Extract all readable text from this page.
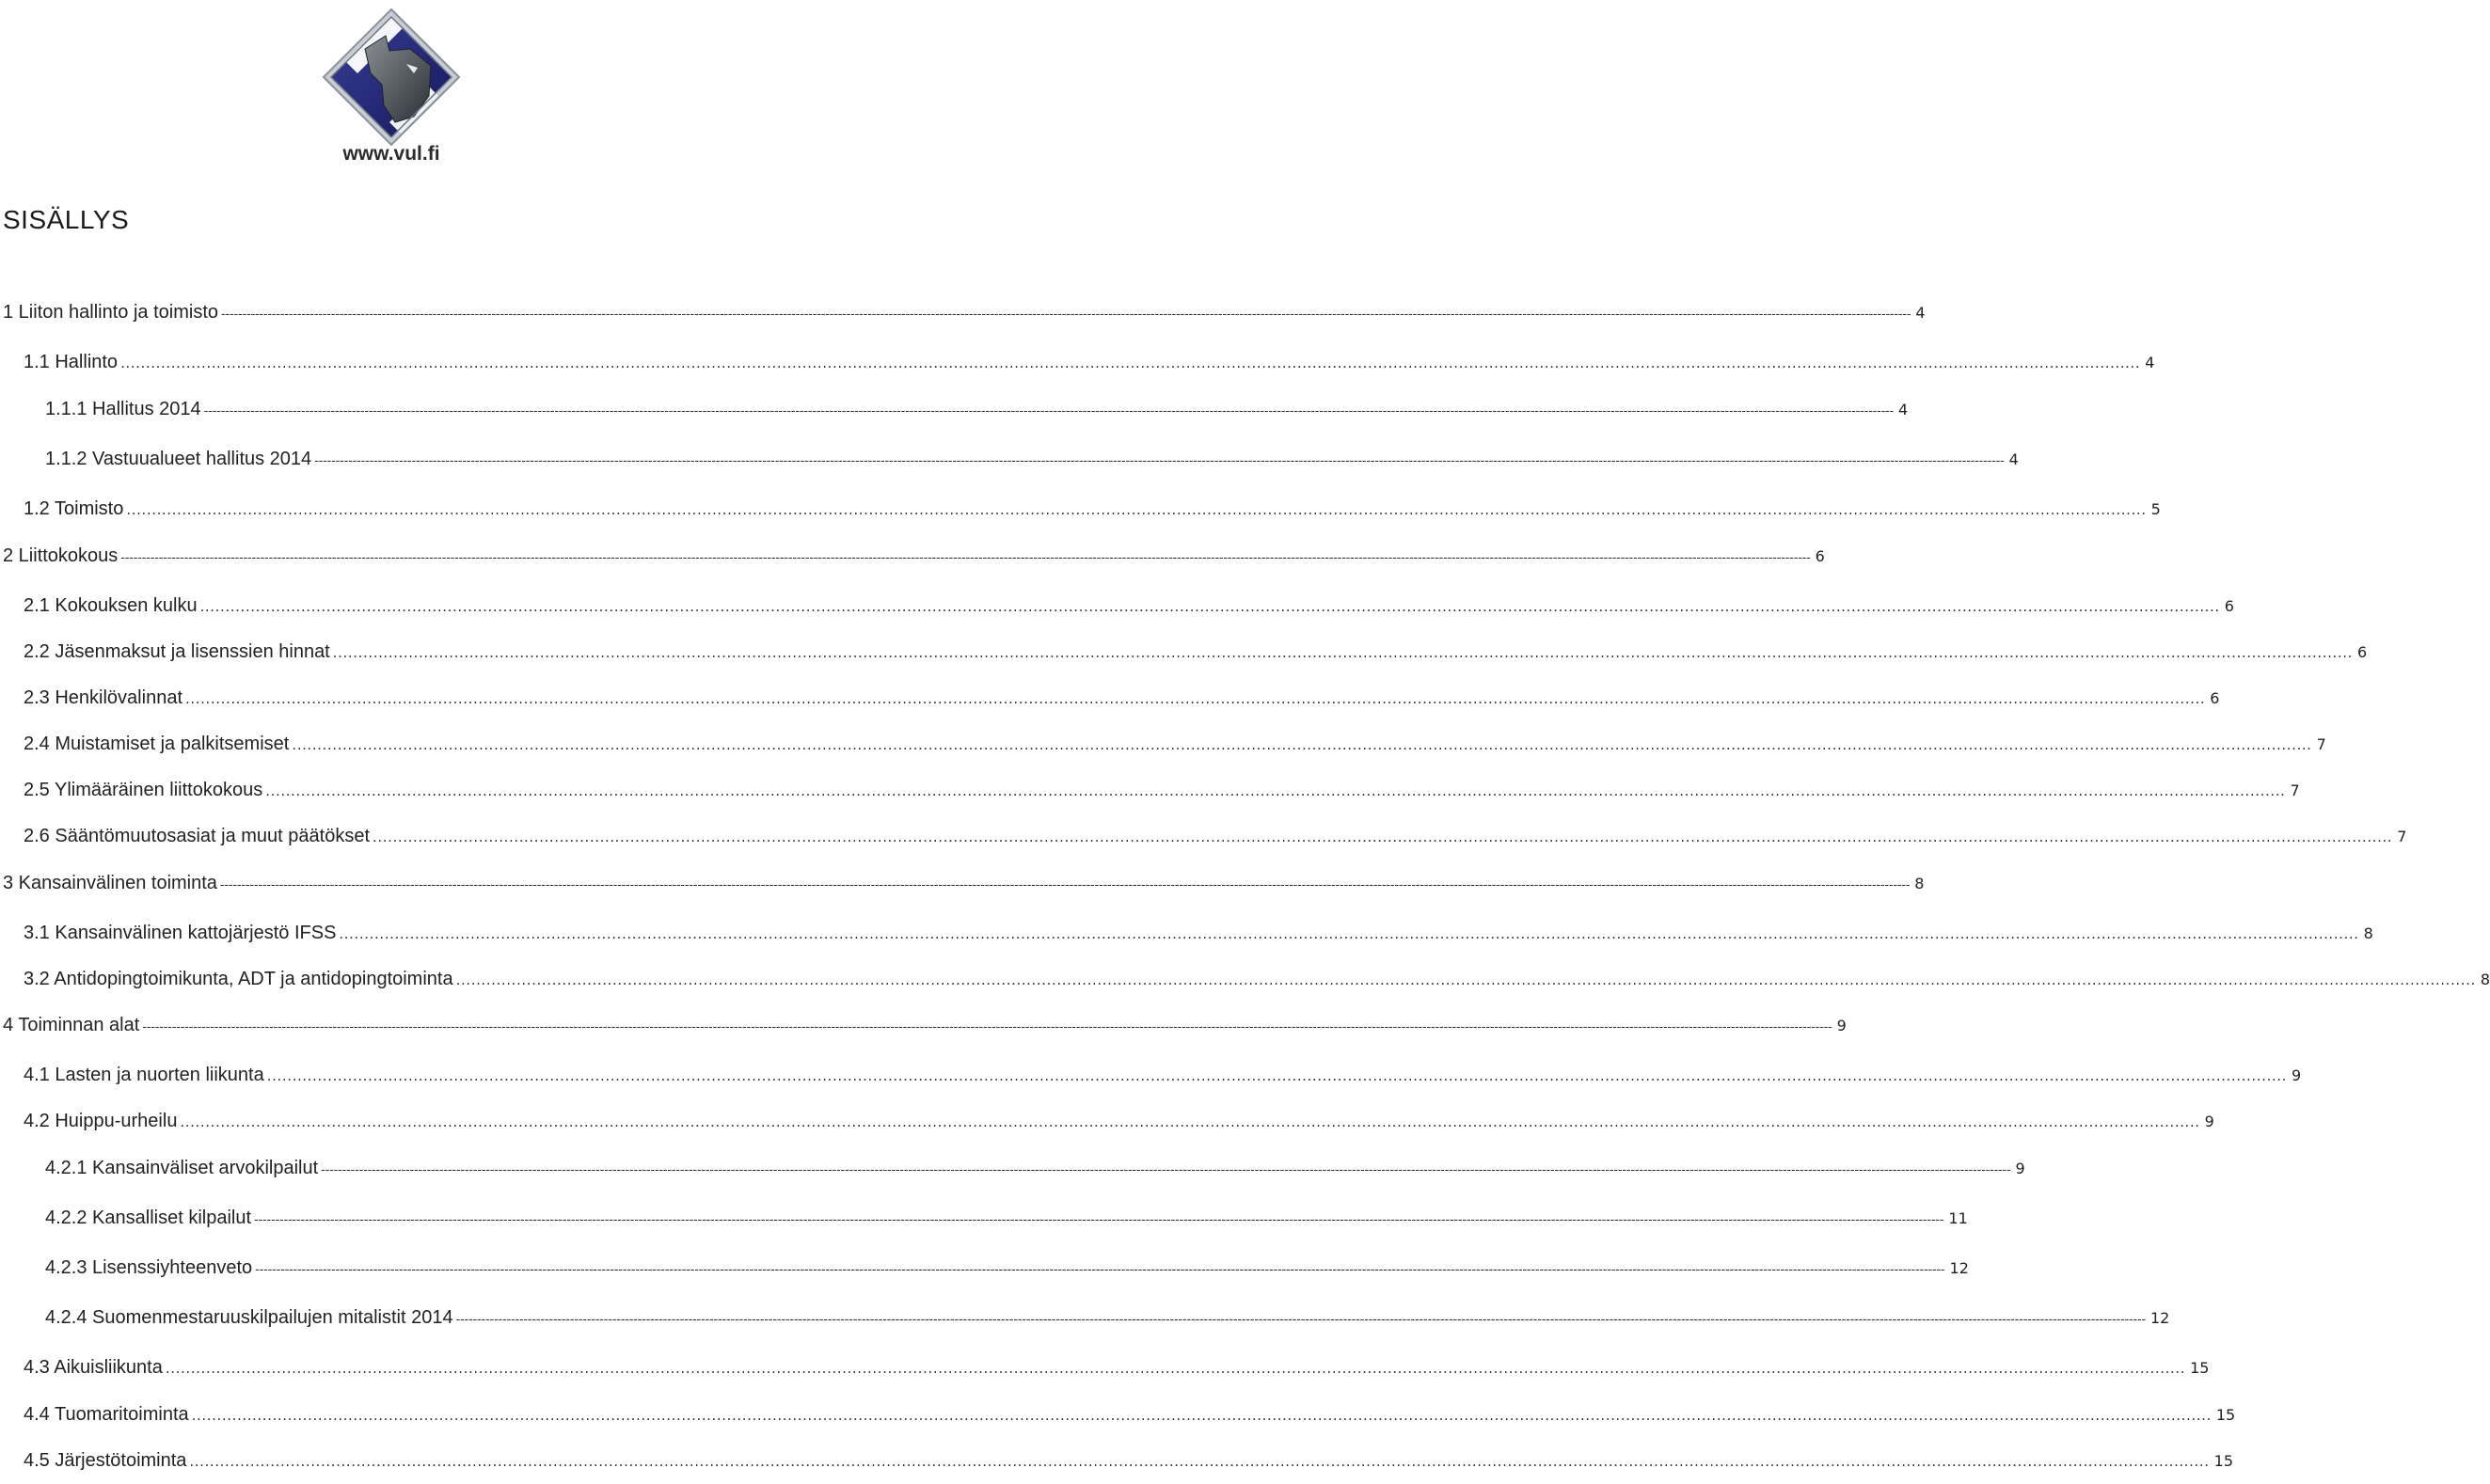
www.vul.fi
SISÄLLYS
1 Liiton hallinto ja toimisto ---------------------------------------------------------------------------------------------------------------------------------------------------------------------------------------------------------------------------------------------------------------------------------------------------------------------------------------------------------------------------------------------------------------- 4
1.1 Hallinto ................................................................................................................................................................................................................................................................................................................................................................................................................ 4
1.1.1 Hallitus 2014 ---------------------------------------------------------------------------------------------------------------------------------------------------------------------------------------------------------------------------------------------------------------------------------------------------------------------------------------------------------------------------------------------------------------- 4
1.1.2 Vastuualueet hallitus 2014 ---------------------------------------------------------------------------------------------------------------------------------------------------------------------------------------------------------------------------------------------------------------------------------------------------------------------------------------------------------------------------------------------------------------- 4
1.2 Toimisto ................................................................................................................................................................................................................................................................................................................................................................................................................ 5
2 Liittokokous ---------------------------------------------------------------------------------------------------------------------------------------------------------------------------------------------------------------------------------------------------------------------------------------------------------------------------------------------------------------------------------------------------------------- 6
2.1 Kokouksen kulku ................................................................................................................................................................................................................................................................................................................................................................................................................ 6
2.2 Jäsenmaksut ja lisenssien hinnat ................................................................................................................................................................................................................................................................................................................................................................................................................ 6
2.3 Henkilövalinnat ................................................................................................................................................................................................................................................................................................................................................................................................................ 6
2.4 Muistamiset ja palkitsemiset ................................................................................................................................................................................................................................................................................................................................................................................................................ 7
2.5 Ylimääräinen liittokokous ................................................................................................................................................................................................................................................................................................................................................................................................................ 7
2.6 Sääntömuutosasiat ja muut päätökset ................................................................................................................................................................................................................................................................................................................................................................................................................ 7
3 Kansainvälinen toiminta ---------------------------------------------------------------------------------------------------------------------------------------------------------------------------------------------------------------------------------------------------------------------------------------------------------------------------------------------------------------------------------------------------------------- 8
3.1 Kansainvälinen kattojärjestö IFSS ................................................................................................................................................................................................................................................................................................................................................................................................................ 8
3.2 Antidopingtoimikunta, ADT ja antidopingtoiminta ................................................................................................................................................................................................................................................................................................................................................................................................................ 8
4 Toiminnan alat ---------------------------------------------------------------------------------------------------------------------------------------------------------------------------------------------------------------------------------------------------------------------------------------------------------------------------------------------------------------------------------------------------------------- 9
4.1 Lasten ja nuorten liikunta ................................................................................................................................................................................................................................................................................................................................................................................................................ 9
4.2 Huippu-urheilu ................................................................................................................................................................................................................................................................................................................................................................................................................ 9
4.2.1 Kansainväliset arvokilpailut ---------------------------------------------------------------------------------------------------------------------------------------------------------------------------------------------------------------------------------------------------------------------------------------------------------------------------------------------------------------------------------------------------------------- 9
4.2.2 Kansalliset kilpailut ---------------------------------------------------------------------------------------------------------------------------------------------------------------------------------------------------------------------------------------------------------------------------------------------------------------------------------------------------------------------------------------------------------------- 11
4.2.3 Lisenssiyhteenveto ---------------------------------------------------------------------------------------------------------------------------------------------------------------------------------------------------------------------------------------------------------------------------------------------------------------------------------------------------------------------------------------------------------------- 12
4.2.4 Suomenmestaruuskilpailujen mitalistit 2014 ---------------------------------------------------------------------------------------------------------------------------------------------------------------------------------------------------------------------------------------------------------------------------------------------------------------------------------------------------------------------------------------------------------------- 12
4.3 Aikuisliikunta ................................................................................................................................................................................................................................................................................................................................................................................................................ 15
4.4 Tuomaritoiminta ................................................................................................................................................................................................................................................................................................................................................................................................................ 15
4.5 Järjestötoiminta ................................................................................................................................................................................................................................................................................................................................................................................................................ 15
